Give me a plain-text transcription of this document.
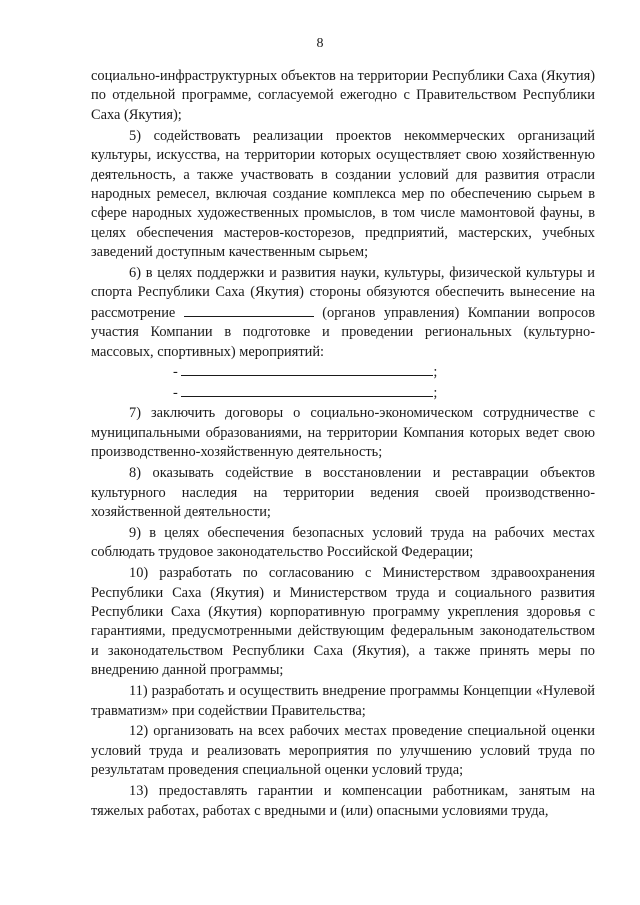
8

социально-инфраструктурных объектов на территории Республики Саха (Якутия) по отдельной программе, согласуемой ежегодно с Правительством Республики Саха (Якутия);

5) содействовать реализации проектов некоммерческих организаций культуры, искусства, на территории которых осуществляет свою хозяйственную деятельность, а также участвовать в создании условий для развития отрасли народных ремесел, включая создание комплекса мер по обеспечению сырьем в сфере народных художественных промыслов, в том числе мамонтовой фауны, в целях обеспечения мастеров-косторезов, предприятий, мастерских, учебных заведений доступным качественным сырьем;

6) в целях поддержки и развития науки, культуры, физической культуры и спорта Республики Саха (Якутия) стороны обязуются обеспечить вынесение на рассмотрение	(органов управления) Компании вопросов участия Компании в подготовке и проведении региональных (культурно-массовых, спортивных) мероприятий:

-	;

-	;

7) заключить договоры о социально-экономическом сотрудничестве с муниципальными образованиями, на территории Компания которых ведет свою производственно-хозяйственную деятельность;

8) оказывать содействие в восстановлении и реставрации объектов культурного наследия на территории ведения своей производственно-хозяйственной деятельности;

9) в целях обеспечения безопасных условий труда на рабочих местах соблюдать трудовое законодательство Российской Федерации;

10) разработать по согласованию с Министерством здравоохранения Республики Саха (Якутия) и Министерством труда и социального развития Республики Саха (Якутия) корпоративную программу укрепления здоровья с гарантиями, предусмотренными действующим федеральным законодательством и законодательством Республики Саха (Якутия), а также принять меры по внедрению данной программы;

11) разработать и осуществить внедрение программы Концепции «Нулевой травматизм» при содействии Правительства;

12) организовать на всех рабочих местах проведение специальной оценки условий труда и реализовать мероприятия по улучшению условий труда по результатам проведения специальной оценки условий труда;

13) предоставлять гарантии и компенсации работникам, занятым на тяжелых работах, работах с вредными и (или) опасными условиями труда,
